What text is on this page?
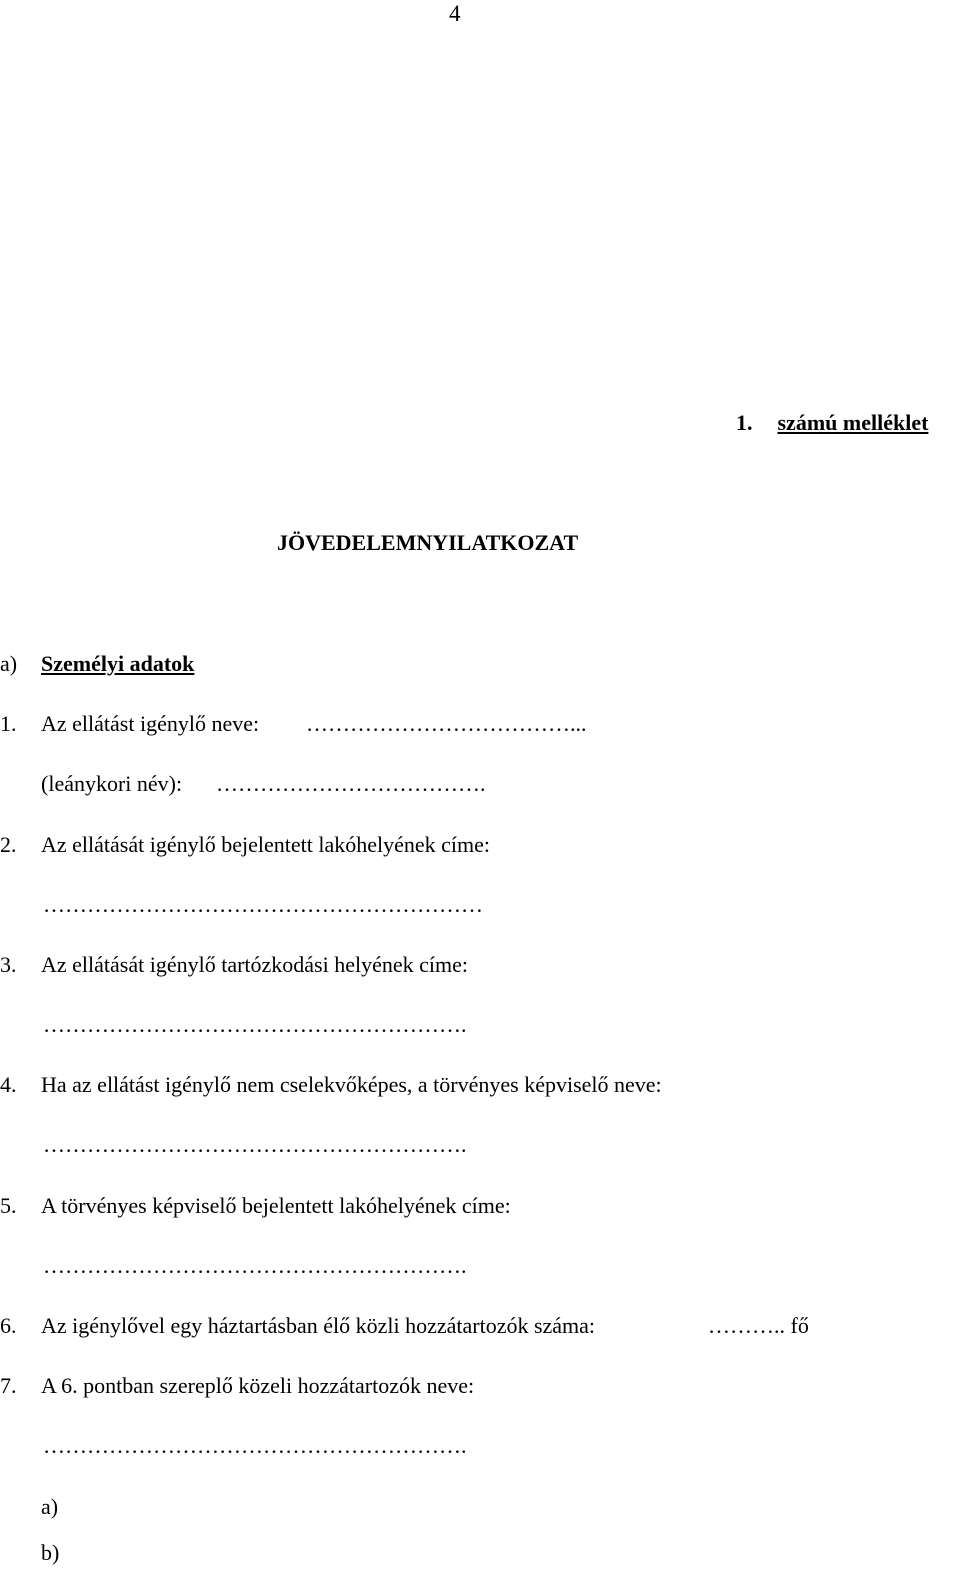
4
1. számú melléklet
JÖVEDELEMNYILATKOZAT
a) Személyi adatok
1. Az ellátást igénylő neve: ………………………………...
(leánykori név): ……………………………….
2. Az ellátását igénylő bejelentett lakóhelyének címe:
……………………………………………………
3. Az ellátását igénylő tartózkodási helyének címe:
………………………………………………….
4. Ha az ellátást igénylő nem cselekvőképes, a törvényes képviselő neve:
………………………………………………….
5. A törvényes képviselő bejelentett lakóhelyének címe:
………………………………………………….
6. Az igénylővel egy háztartásban élő közli hozzátartozók száma:	……….. fő
7. A 6. pontban szereplő közeli hozzátartozók neve:
………………………………………………….
a)
b)
